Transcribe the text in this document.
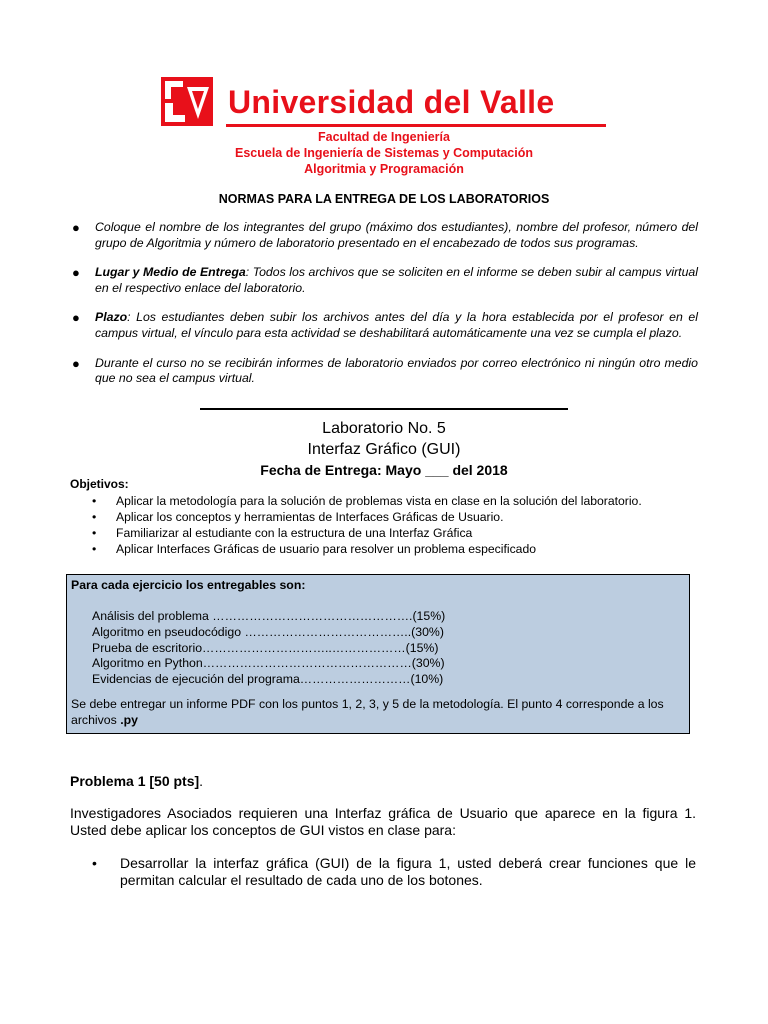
Universidad del Valle
Facultad de Ingeniería
Escuela de Ingeniería de Sistemas y Computación
Algoritmia y Programación
NORMAS PARA LA ENTREGA DE LOS LABORATORIOS
● Coloque el nombre de los integrantes del grupo (máximo dos estudiantes), nombre del profesor, número del grupo de Algoritmia y número de laboratorio presentado en el encabezado de todos sus programas.
● Lugar y Medio de Entrega: Todos los archivos que se soliciten en el informe se deben subir al campus virtual en el respectivo enlace del laboratorio.
● Plazo: Los estudiantes deben subir los archivos antes del día y la hora establecida por el profesor en el campus virtual, el vínculo para esta actividad se deshabilitará automáticamente una vez se cumpla el plazo.
● Durante el curso no se recibirán informes de laboratorio enviados por correo electrónico ni ningún otro medio que no sea el campus virtual.
Laboratorio No. 5
Interfaz Gráfico (GUI)
Fecha de Entrega: Mayo ___ del 2018
Objetivos:
• Aplicar la metodología para la solución de problemas vista en clase en la solución del laboratorio.
• Aplicar los conceptos y herramientas de Interfaces Gráficas de Usuario.
• Familiarizar al estudiante con la estructura de una Interfaz Gráfica
• Aplicar Interfaces Gráficas de usuario para resolver un problema especificado
Para cada ejercicio los entregables son:
Análisis del problema ………………………………………….(15%)
Algoritmo en pseudocódigo …………………………………..(30%)
Prueba de escritorio…………………………..………………(15%)
Algoritmo en Python……………………………………………(30%)
Evidencias de ejecución del programa………………………(10%)
Se debe entregar un informe PDF con los puntos 1, 2, 3, y 5 de la metodología. El punto 4 corresponde a los archivos .py
Problema 1 [50 pts].
Investigadores Asociados requieren una Interfaz gráfica de Usuario que aparece en la figura 1. Usted debe aplicar los conceptos de GUI vistos en clase para:
• Desarrollar la interfaz gráfica (GUI) de la figura 1, usted deberá crear funciones que le permitan calcular el resultado de cada uno de los botones.
